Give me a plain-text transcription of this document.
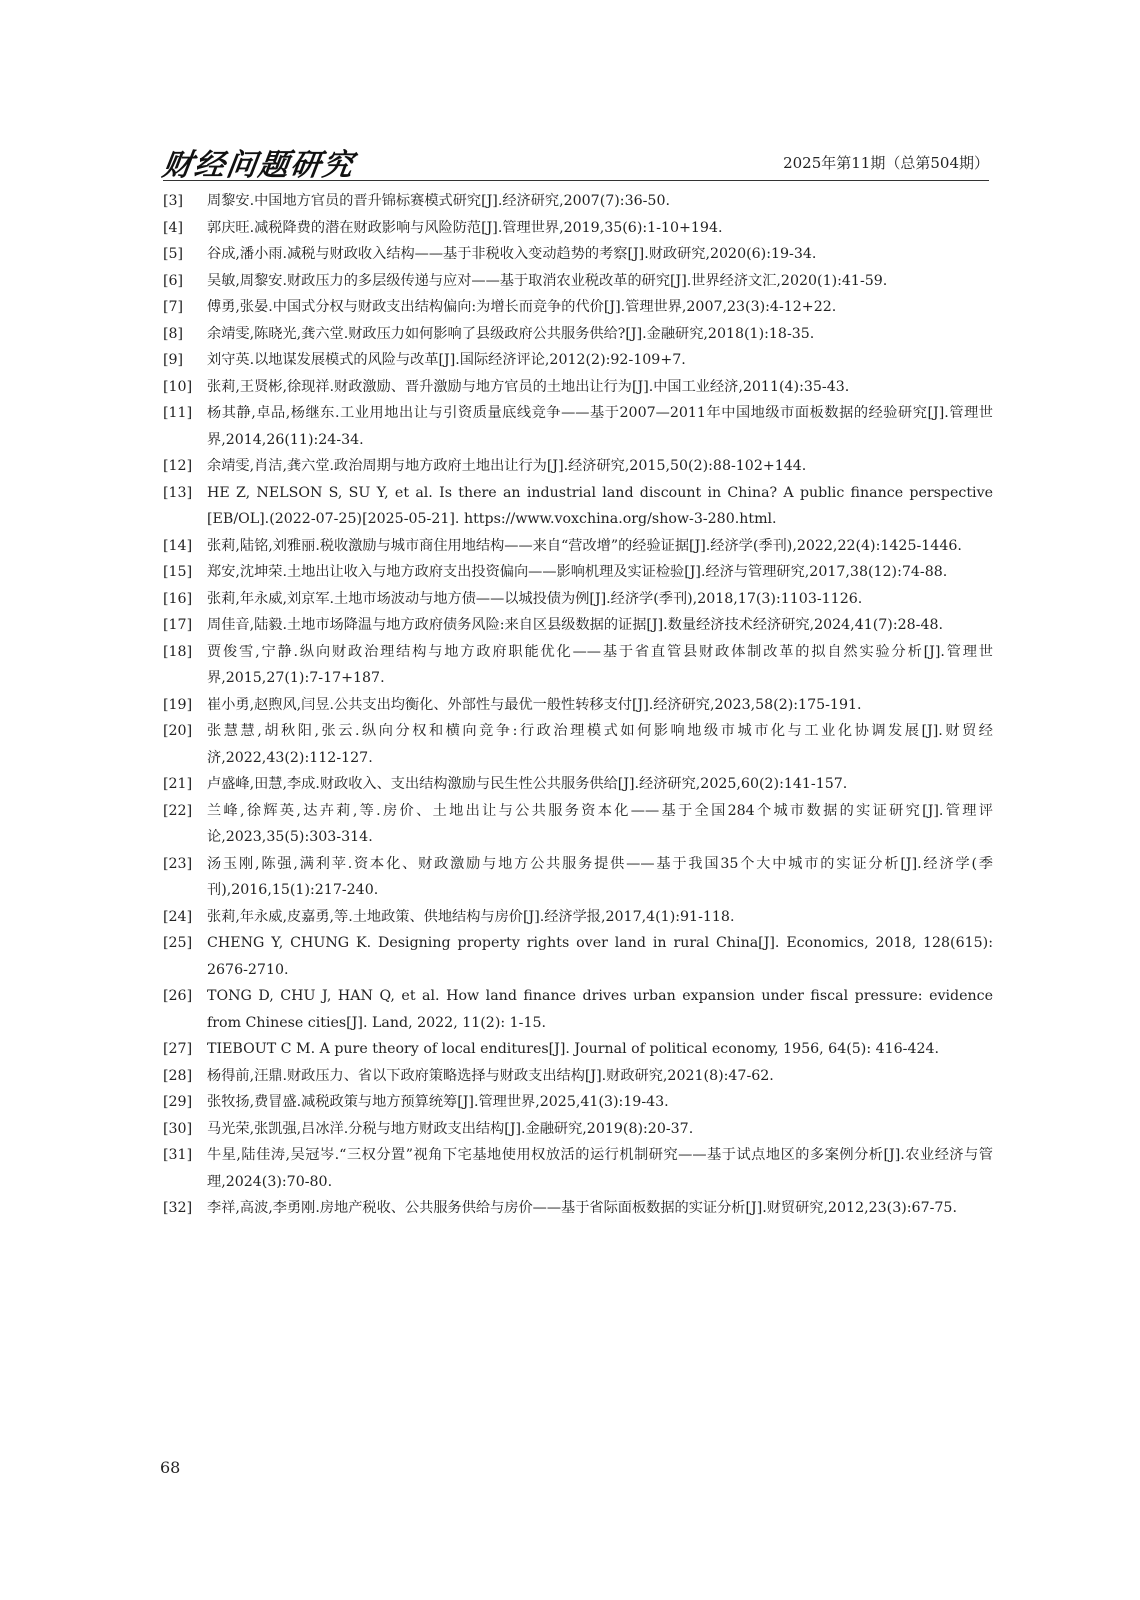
财经问题研究	2025年第11期（总第504期）
[3]	周黎安.中国地方官员的晋升锦标赛模式研究[J].经济研究,2007(7):36-50.
[4]	郭庆旺.减税降费的潜在财政影响与风险防范[J].管理世界,2019,35(6):1-10+194.
[5]	谷成,潘小雨.减税与财政收入结构——基于非税收入变动趋势的考察[J].财政研究,2020(6):19-34.
[6]	吴敏,周黎安.财政压力的多层级传递与应对——基于取消农业税改革的研究[J].世界经济文汇,2020(1):41-59.
[7]	傅勇,张晏.中国式分权与财政支出结构偏向:为增长而竞争的代价[J].管理世界,2007,23(3):4-12+22.
[8]	余靖雯,陈晓光,龚六堂.财政压力如何影响了县级政府公共服务供给?[J].金融研究,2018(1):18-35.
[9]	刘守英.以地谋发展模式的风险与改革[J].国际经济评论,2012(2):92-109+7.
[10]	张莉,王贤彬,徐现祥.财政激励、晋升激励与地方官员的土地出让行为[J].中国工业经济,2011(4):35-43.
[11]	杨其静,卓品,杨继东.工业用地出让与引资质量底线竞争——基于2007—2011年中国地级市面板数据的经验研究[J].管理世界,2014,26(11):24-34.
[12]	余靖雯,肖洁,龚六堂.政治周期与地方政府土地出让行为[J].经济研究,2015,50(2):88-102+144.
[13]	HE Z, NELSON S, SU Y, et al. Is there an industrial land discount in China? A public finance perspective [EB/OL].(2022-07-25)[2025-05-21]. https://www.voxchina.org/show-3-280.html.
[14]	张莉,陆铭,刘雅丽.税收激励与城市商住用地结构——来自“营改增”的经验证据[J].经济学(季刊),2022,22(4):1425-1446.
[15]	郑安,沈坤荣.土地出让收入与地方政府支出投资偏向——影响机理及实证检验[J].经济与管理研究,2017,38(12):74-88.
[16]	张莉,年永威,刘京军.土地市场波动与地方债——以城投债为例[J].经济学(季刊),2018,17(3):1103-1126.
[17]	周佳音,陆毅.土地市场降温与地方政府债务风险:来自区县级数据的证据[J].数量经济技术经济研究,2024,41(7):28-48.
[18]	贾俊雪,宁静.纵向财政治理结构与地方政府职能优化——基于省直管县财政体制改革的拟自然实验分析[J].管理世界,2015,27(1):7-17+187.
[19]	崔小勇,赵煦风,闫昱.公共支出均衡化、外部性与最优一般性转移支付[J].经济研究,2023,58(2):175-191.
[20]	张慧慧,胡秋阳,张云.纵向分权和横向竞争:行政治理模式如何影响地级市城市化与工业化协调发展[J].财贸经济,2022,43(2):112-127.
[21]	卢盛峰,田慧,李成.财政收入、支出结构激励与民生性公共服务供给[J].经济研究,2025,60(2):141-157.
[22]	兰峰,徐辉英,达卉莉,等.房价、土地出让与公共服务资本化——基于全国284个城市数据的实证研究[J].管理评论,2023,35(5):303-314.
[23]	汤玉刚,陈强,满利苹.资本化、财政激励与地方公共服务提供——基于我国35个大中城市的实证分析[J].经济学(季刊),2016,15(1):217-240.
[24]	张莉,年永威,皮嘉勇,等.土地政策、供地结构与房价[J].经济学报,2017,4(1):91-118.
[25]	CHENG Y, CHUNG K. Designing property rights over land in rural China[J]. Economics, 2018, 128(615): 2676-2710.
[26]	TONG D, CHU J, HAN Q, et al. How land finance drives urban expansion under fiscal pressure: evidence from Chinese cities[J]. Land, 2022, 11(2): 1-15.
[27]	TIEBOUT C M. A pure theory of local enditures[J]. Journal of political economy, 1956, 64(5): 416-424.
[28]	杨得前,汪鼎.财政压力、省以下政府策略选择与财政支出结构[J].财政研究,2021(8):47-62.
[29]	张牧扬,费冒盛.减税政策与地方预算统筹[J].管理世界,2025,41(3):19-43.
[30]	马光荣,张凯强,吕冰洋.分税与地方财政支出结构[J].金融研究,2019(8):20-37.
[31]	牛星,陆佳涛,吴冠岑.“三权分置”视角下宅基地使用权放活的运行机制研究——基于试点地区的多案例分析[J].农业经济与管理,2024(3):70-80.
[32]	李祥,高波,李勇刚.房地产税收、公共服务供给与房价——基于省际面板数据的实证分析[J].财贸研究,2012,23(3):67-75.
68
